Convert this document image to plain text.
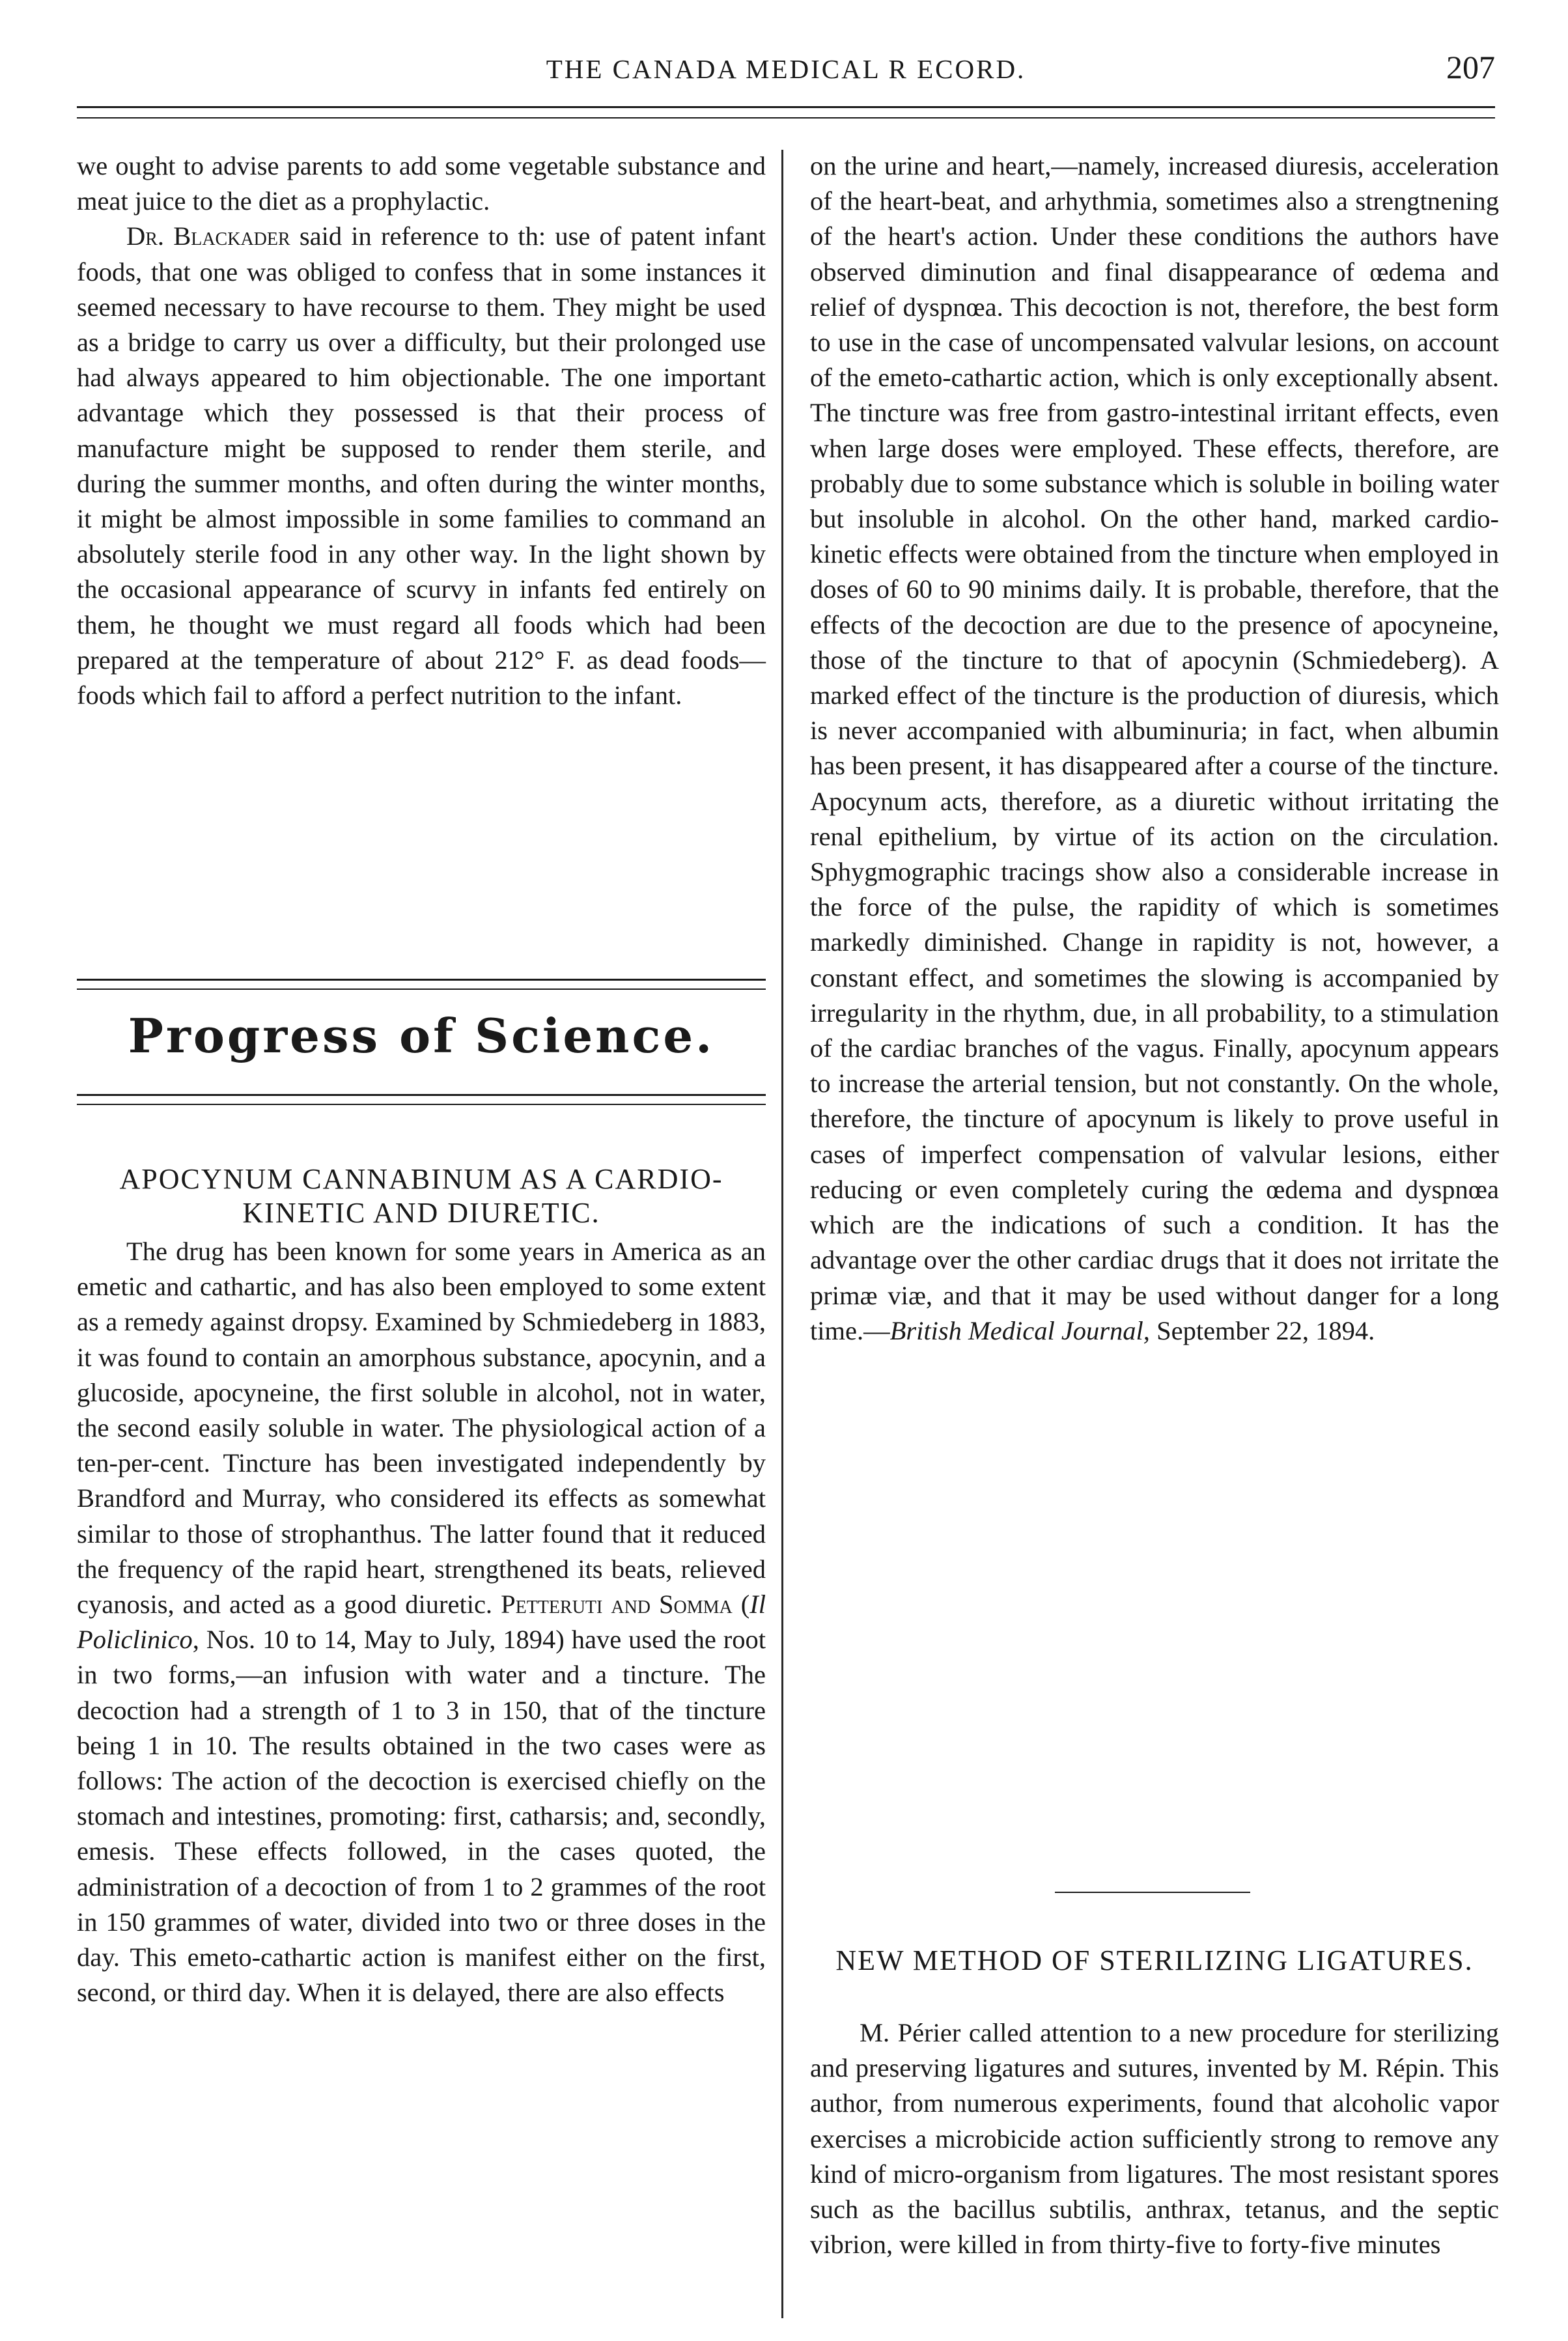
THE CANADA MEDICAL R ECORD.	207

we ought to advise parents to add some vegetable substance and meat juice to the diet as a prophylactic.

Dr. Blackader said in reference to th: use of patent infant foods, that one was obliged to confess that in some instances it seemed necessary to have recourse to them. They might be used as a bridge to carry us over a difficulty, but their prolonged use had always appeared to him objectionable. The one important advantage which they possessed is that their process of manufacture might be supposed to render them sterile, and during the summer months, and often during the winter months, it might be almost impossible in some families to command an absolutely sterile food in any other way. In the light shown by the occasional appearance of scurvy in infants fed entirely on them, he thought we must regard all foods which had been prepared at the temperature of about 212° F. as dead foods—foods which fail to afford a perfect nutrition to the infant.

Progress of Science.
APOCYNUM CANNABINUM AS A CARDIO-KINETIC AND DIURETIC.

The drug has been known for some years in America as an emetic and cathartic, and has also been employed to some extent as a remedy against dropsy. Examined by Schmiedeberg in 1883, it was found to contain an amorphous substance, apocynin, and a glucoside, apocyneine, the first soluble in alcohol, not in water, the second easily soluble in water. The physiological action of a ten-per-cent. Tincture has been investigated independently by Brandford and Murray, who considered its effects as somewhat similar to those of strophanthus. The latter found that it reduced the frequency of the rapid heart, strengthened its beats, relieved cyanosis, and acted as a good diuretic. Petteruti and Somma (Il Policlinico, Nos. 10 to 14, May to July, 1894) have used the root in two forms,—an infusion with water and a tincture. The decoction had a strength of 1 to 3 in 150, that of the tincture being 1 in 10. The results obtained in the two cases were as follows: The action of the decoction is exercised chiefly on the stomach and intestines, promoting: first, catharsis; and, secondly, emesis. These effects followed, in the cases quoted, the administration of a decoction of from 1 to 2 grammes of the root in 150 grammes of water, divided into two or three doses in the day. This emeto-cathartic action is manifest either on the first, second, or third day. When it is delayed, there are also effects

on the urine and heart,—namely, increased diuresis, acceleration of the heart-beat, and arhythmia, sometimes also a strengtnening of the heart's action. Under these conditions the authors have observed diminution and final disappearance of œdema and relief of dyspnœa. This decoction is not, therefore, the best form to use in the case of uncompensated valvular lesions, on account of the emeto-cathartic action, which is only exceptionally absent. The tincture was free from gastro-intestinal irritant effects, even when large doses were employed. These effects, therefore, are probably due to some substance which is soluble in boiling water but insoluble in alcohol. On the other hand, marked cardio-kinetic effects were obtained from the tincture when employed in doses of 60 to 90 minims daily. It is probable, therefore, that the effects of the decoction are due to the presence of apocyneine, those of the tincture to that of apocynin (Schmiedeberg). A marked effect of the tincture is the production of diuresis, which is never accompanied with albuminuria; in fact, when albumin has been present, it has disappeared after a course of the tincture. Apocynum acts, therefore, as a diuretic without irritating the renal epithelium, by virtue of its action on the circulation. Sphygmographic tracings show also a considerable increase in the force of the pulse, the rapidity of which is sometimes markedly diminished. Change in rapidity is not, however, a constant effect, and sometimes the slowing is accompanied by irregularity in the rhythm, due, in all probability, to a stimulation of the cardiac branches of the vagus. Finally, apocynum appears to increase the arterial tension, but not constantly. On the whole, therefore, the tincture of apocynum is likely to prove useful in cases of imperfect compensation of valvular lesions, either reducing or even completely curing the œdema and dyspnœa which are the indications of such a condition. It has the advantage over the other cardiac drugs that it does not irritate the primæ viæ, and that it may be used without danger for a long time.—British Medical Journal, September 22, 1894.

NEW METHOD OF STERILIZING LIGATURES.

M. Périer called attention to a new procedure for sterilizing and preserving ligatures and sutures, invented by M. Répin. This author, from numerous experiments, found that alcoholic vapor exercises a microbicide action sufficiently strong to remove any kind of micro-organism from ligatures. The most resistant spores such as the bacillus subtilis, anthrax, tetanus, and the septic vibrion, were killed in from thirty-five to forty-five minutes
